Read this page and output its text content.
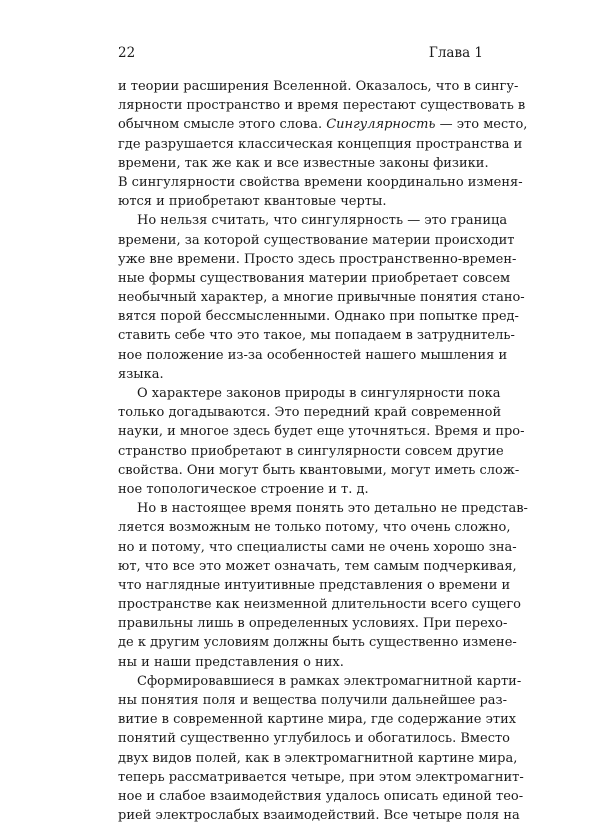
22	Глава 1
и теории расширения Вселенной. Оказалось, что в сингу-
лярности пространство и время перестают существовать в
обычном смысле этого слова. Сингулярность — это место,
где разрушается классическая концепция пространства и
времени, так же как и все известные законы физики.
В сингулярности свойства времени координально изменя-
ются и приобретают квантовые черты.
Но нельзя считать, что сингулярность — это граница
времени, за которой существование материи происходит
уже вне времени. Просто здесь пространственно-времен-
ные формы существования материи приобретает совсем
необычный характер, а многие привычные понятия стано-
вятся порой бессмысленными. Однако при попытке пред-
ставить себе что это такое, мы попадаем в затруднитель-
ное положение из-за особенностей нашего мышления и
языка.
О характере законов природы в сингулярности пока
только догадываются. Это передний край современной
науки, и многое здесь будет еще уточняться. Время и про-
странство приобретают в сингулярности совсем другие
свойства. Они могут быть квантовыми, могут иметь слож-
ное топологическое строение и т. д.
Но в настоящее время понять это детально не представ-
ляется возможным не только потому, что очень сложно,
но и потому, что специалисты сами не очень хорошо зна-
ют, что все это может означать, тем самым подчеркивая,
что наглядные интуитивные представления о времени и
пространстве как неизменной длительности всего сущего
правильны лишь в определенных условиях. При перехо-
де к другим условиям должны быть существенно измене-
ны и наши представления о них.
Сформировавшиеся в рамках электромагнитной карти-
ны понятия поля и вещества получили дальнейшее раз-
витие в современной картине мира, где содержание этих
понятий существенно углубилось и обогатилось. Вместо
двух видов полей, как в электромагнитной картине мира,
теперь рассматривается четыре, при этом электромагнит-
ное и слабое взаимодействия удалось описать единой тео-
рией электрослабых взаимодействий. Все четыре поля на
